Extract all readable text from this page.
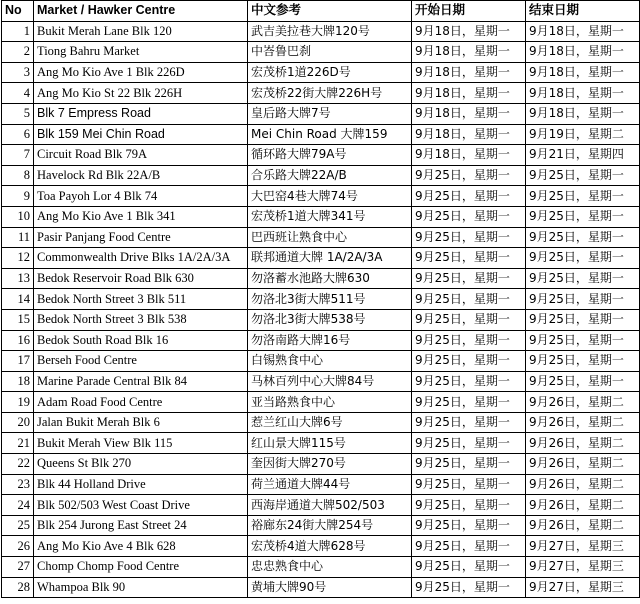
No	Market / Hawker Centre	中文参考	开始日期	结束日期
1	Bukit Merah Lane Blk 120	武吉美拉巷大牌120号	9月18日，星期一	9月18日，星期一
2	Tiong Bahru Market	中峇鲁巴刹	9月18日，星期一	9月18日，星期一
3	Ang Mo Kio Ave 1 Blk 226D	宏茂桥1道226D号	9月18日，星期一	9月18日，星期一
4	Ang Mo Kio St 22 Blk 226H	宏茂桥22街大牌226H号	9月18日，星期一	9月18日，星期一
5	Blk 7 Empress Road	皇后路大牌7号	9月18日，星期一	9月18日，星期一
6	Blk 159 Mei Chin Road	Mei Chin Road 大牌159	9月18日，星期一	9月19日，星期二
7	Circuit Road Blk 79A	循环路大牌79A号	9月18日，星期一	9月21日，星期四
8	Havelock Rd Blk 22A/B	合乐路大牌22A/B	9月25日，星期一	9月25日，星期一
9	Toa Payoh Lor 4 Blk 74	大巴窑4巷大牌74号	9月25日，星期一	9月25日，星期一
10	Ang Mo Kio Ave 1 Blk 341	宏茂桥1道大牌341号	9月25日，星期一	9月25日，星期一
11	Pasir Panjang Food Centre	巴西班让熟食中心	9月25日，星期一	9月25日，星期一
12	Commonwealth Drive Blks 1A/2A/3A	联邦通道大牌 1A/2A/3A	9月25日，星期一	9月25日，星期一
13	Bedok Reservoir Road Blk 630	勿洛蓄水池路大牌630	9月25日，星期一	9月25日，星期一
14	Bedok North Street 3 Blk 511	勿洛北3街大牌511号	9月25日，星期一	9月25日，星期一
15	Bedok North Street 3 Blk 538	勿洛北3街大牌538号	9月25日，星期一	9月25日，星期一
16	Bedok South Road Blk 16	勿洛南路大牌16号	9月25日，星期一	9月25日，星期一
17	Berseh Food Centre	白锡熟食中心	9月25日，星期一	9月25日，星期一
18	Marine Parade Central Blk 84	马林百列中心大牌84号	9月25日，星期一	9月25日，星期一
19	Adam Road Food Centre	亚当路熟食中心	9月25日，星期一	9月26日，星期二
20	Jalan Bukit Merah Blk 6	惹兰红山大牌6号	9月25日，星期一	9月26日，星期二
21	Bukit Merah View Blk 115	红山景大牌115号	9月25日，星期一	9月26日，星期二
22	Queens St Blk 270	奎因街大牌270号	9月25日，星期一	9月26日，星期二
23	Blk 44 Holland Drive	荷兰通道大牌44号	9月25日，星期一	9月26日，星期二
24	Blk 502/503 West Coast Drive	西海岸通道大牌502/503	9月25日，星期一	9月26日，星期二
25	Blk 254 Jurong East Street 24	裕廊东24街大牌254号	9月25日，星期一	9月26日，星期二
26	Ang Mo Kio Ave 4 Blk 628	宏茂桥4道大牌628号	9月25日，星期一	9月27日，星期三
27	Chomp Chomp Food Centre	忠忠熟食中心	9月25日，星期一	9月27日，星期三
28	Whampoa Blk 90	黄埔大牌90号	9月25日，星期一	9月27日，星期三
